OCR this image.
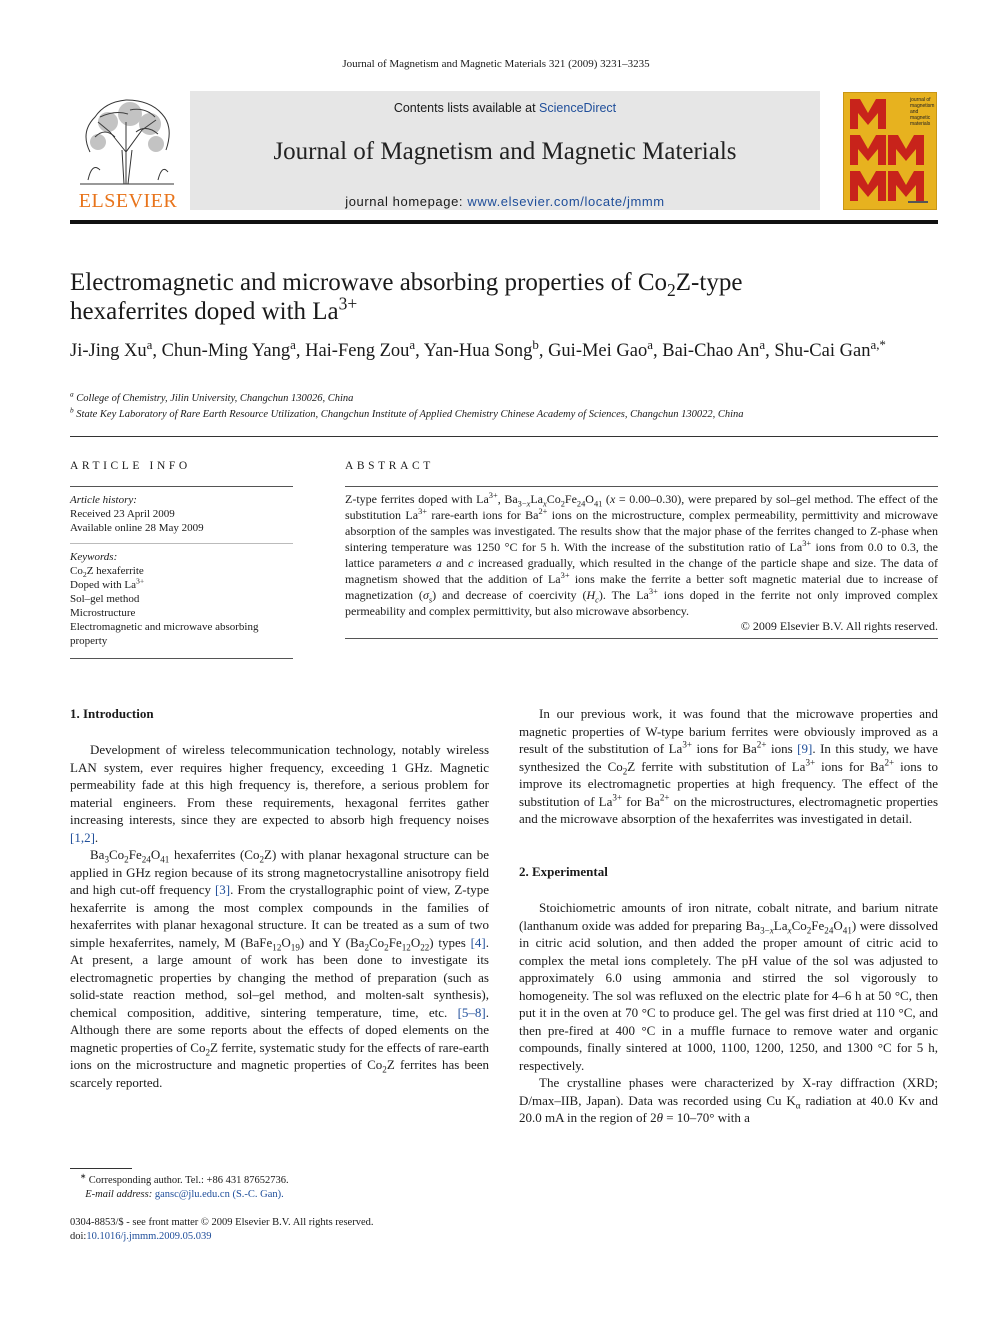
Journal of Magnetism and Magnetic Materials 321 (2009) 3231–3235
ELSEVIER
Contents lists available at ScienceDirect
Journal of Magnetism and Magnetic Materials
journal homepage: www.elsevier.com/locate/jmmm
journal of
magnetism
and
magnetic
materials
Electromagnetic and microwave absorbing properties of $Co_2Z$-type
hexaferrites doped with $La^{3+}$
Ji-Jing Xu$^a$, Chun-Ming Yang$^a$, Hai-Feng Zou$^a$, Yan-Hua Song$^b$, Gui-Mei Gao$^a$, Bai-Chao An$^a$, Shu-Cai Gan$^{a,*}$
$^a$ College of Chemistry, Jilin University, Changchun 130026, China
$^b$ State Key Laboratory of Rare Earth Resource Utilization, Changchun Institute of Applied Chemistry Chinese Academy of Sciences, Changchun 130022, China
ARTICLE INFO
Article history:
Received 23 April 2009
Available online 28 May 2009
Keywords:
$Co_2Z$ hexaferrite
Doped with $La^{3+}$
Sol–gel method
Microstructure
Electromagnetic and microwave absorbing property
ABSTRACT
Z-type ferrites doped with $La^{3+}$, $Ba_{3-x}La_xCo_2Fe_{24}O_{41}$ (x = 0.00–0.30), were prepared by sol–gel method. The effect of the substitution $La^{3+}$ rare-earth ions for $Ba^{2+}$ ions on the microstructure, complex permeability, permittivity and microwave absorption of the samples was investigated. The results show that the major phase of the ferrites changed to Z-phase when sintering temperature was 1250 °C for 5 h. With the increase of the substitution ratio of $La^{3+}$ ions from 0.0 to 0.3, the lattice parameters a and c increased gradually, which resulted in the change of the particle shape and size. The data of magnetism showed that the addition of $La^{3+}$ ions make the ferrite a better soft magnetic material due to increase of magnetization $(\sigma_s)$ and decrease of coercivity $(H_c)$. The $La^{3+}$ ions doped in the ferrite not only improved complex permeability and complex permittivity, but also microwave absorbency.
© 2009 Elsevier B.V. All rights reserved.
1. Introduction

Development of wireless telecommunication technology, notably wireless LAN system, ever requires higher frequency, exceeding 1 GHz. Magnetic permeability fade at this high frequency is, therefore, a serious problem for material engineers. From these requirements, hexagonal ferrites gather increasing interests, since they are expected to absorb high frequency noises [1,2].

$Ba_3Co_2Fe_{24}O_{41}$ hexaferrites $(Co_2Z)$ with planar hexagonal structure can be applied in GHz region because of its strong magnetocrystalline anisotropy field and high cut-off frequency [3]. From the crystallographic point of view, Z-type hexaferrite is among the most complex compounds in the families of hexaferrites with planar hexagonal structure. It can be treated as a sum of two simple hexaferrites, namely, M $(BaFe_{12}O_{19})$ and Y $(Ba_2Co_2Fe_{12}O_{22})$ types [4]. At present, a large amount of work has been done to investigate its electromagnetic properties by changing the method of preparation (such as solid-state reaction method, sol–gel method, and molten-salt synthesis), chemical composition, additive, sintering temperature, time, etc. [5–8]. Although there are some reports about the effects of doped elements on the magnetic properties of $Co_2Z$ ferrite, systematic study for the effects of rare-earth ions on the microstructure and magnetic properties of $Co_2Z$ ferrites has been scarcely reported.

∗ Corresponding author. Tel.: +86 431 87652736.
E-mail address: gansc@jlu.edu.cn (S.-C. Gan).
0304-8853/$ - see front matter © 2009 Elsevier B.V. All rights reserved.
doi:10.1016/j.jmmm.2009.05.039

In our previous work, it was found that the microwave properties and magnetic properties of W-type barium ferrites were obviously improved as a result of the substitution of $La^{3+}$ ions for $Ba^{2+}$ ions [9]. In this study, we have synthesized the $Co_2Z$ ferrite with substitution of $La^{3+}$ ions for $Ba^{2+}$ ions to improve its electromagnetic properties at high frequency. The effect of the substitution of $La^{3+}$ for $Ba^{2+}$ on the microstructures, electromagnetic properties and the microwave absorption of the hexaferrites was investigated in detail.

2. Experimental

Stoichiometric amounts of iron nitrate, cobalt nitrate, and barium nitrate (lanthanum oxide was added for preparing $Ba_{3-x}La_xCo_2Fe_{24}O_{41}$) were dissolved in citric acid solution, and then added the proper amount of citric acid to complex the metal ions completely. The pH value of the sol was adjusted to approximately 6.0 using ammonia and stirred the sol vigorously to homogeneity. The sol was refluxed on the electric plate for 4–6 h at 50 °C, then put it in the oven at 70 °C to produce gel. The gel was first dried at 110 °C, and then pre-fired at 400 °C in a muffle furnace to remove water and organic compounds, finally sintered at 1000, 1100, 1200, 1250, and 1300 °C for 5 h, respectively.

The crystalline phases were characterized by X-ray diffraction (XRD; D/max–IIB, Japan). Data was recorded using Cu $K_\alpha$ radiation at 40.0 Kv and 20.0 mA in the region of 2θ = 10–70° with a
